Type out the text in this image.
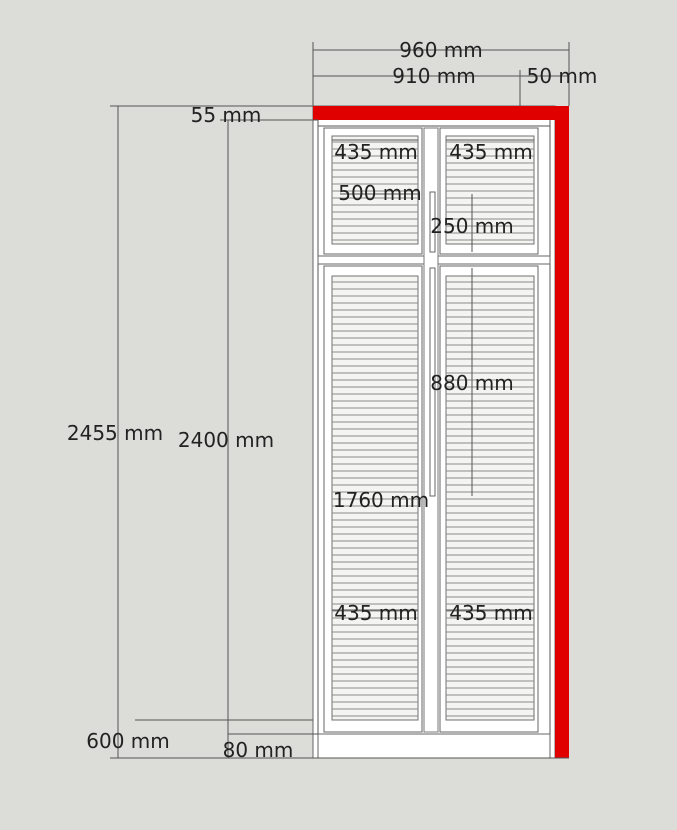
960 mm
910 mm	50 mm
55 mm
2455 mm 2400 mm
435 mm 435 mm
500 mm
250 mm
880 mm
1760 mm
435 mm 435 mm
600 mm	80 mm
